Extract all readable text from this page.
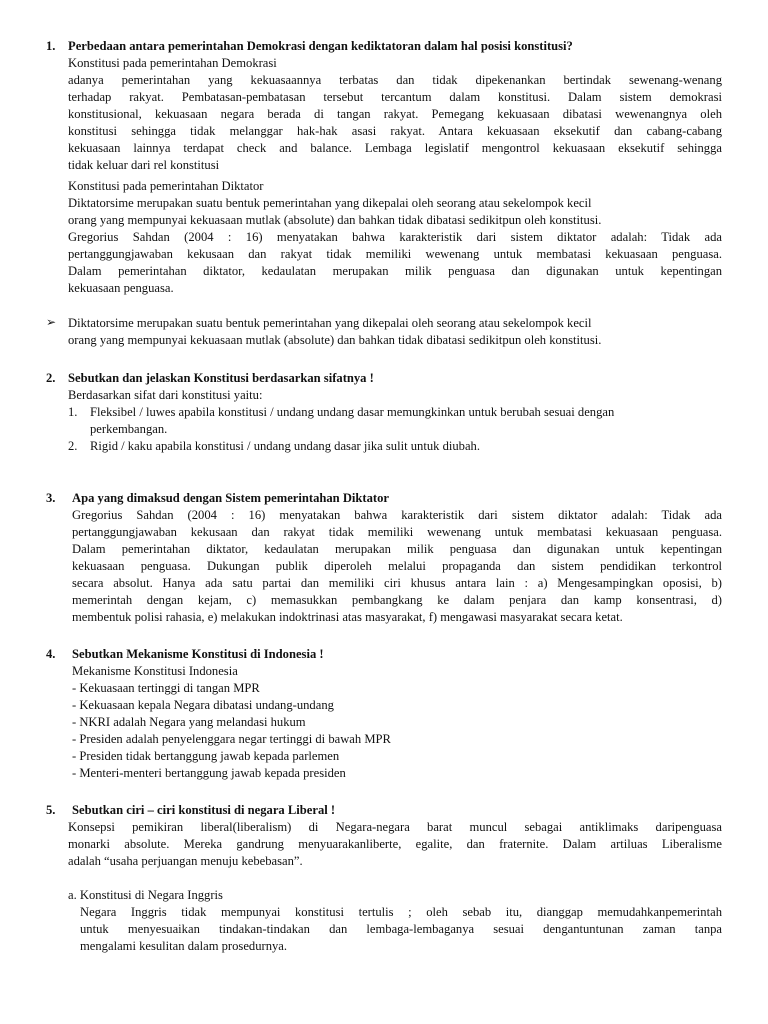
1. Perbedaan antara pemerintahan Demokrasi dengan kediktatoran dalam hal posisi konstitusi?
Konstitusi pada pemerintahan Demokrasi
adanya pemerintahan yang kekuasaannya terbatas dan tidak dipekenankan bertindak sewenang-wenang
terhadap rakyat. Pembatasan-pembatasan tersebut tercantum dalam konstitusi. Dalam sistem demokrasi
konstitusional, kekuasaan negara berada di tangan rakyat. Pemegang kekuasaan dibatasi wewenangnya oleh
konstitusi sehingga tidak melanggar hak-hak asasi rakyat. Antara kekuasaan eksekutif dan cabang-cabang
kekuasaan lainnya terdapat check and balance. Lembaga legislatif mengontrol kekuasaan eksekutif sehingga
tidak keluar dari rel konstitusi
Konstitusi pada pemerintahan Diktator
Diktatorsime merupakan suatu bentuk pemerintahan yang dikepalai oleh seorang atau sekelompok kecil
orang yang mempunyai kekuasaan mutlak (absolute) dan bahkan tidak dibatasi sedikitpun oleh konstitusi.
Gregorius Sahdan (2004 : 16) menyatakan bahwa karakteristik dari sistem diktator adalah: Tidak ada
pertanggungjawaban kekusaan dan rakyat tidak memiliki wewenang untuk membatasi kekuasaan penguasa.
Dalam pemerintahan diktator, kedaulatan merupakan milik penguasa dan digunakan untuk kepentingan
kekuasaan penguasa.
➢ Diktatorsime merupakan suatu bentuk pemerintahan yang dikepalai oleh seorang atau sekelompok kecil
orang yang mempunyai kekuasaan mutlak (absolute) dan bahkan tidak dibatasi sedikitpun oleh konstitusi.
2. Sebutkan dan jelaskan Konstitusi berdasarkan sifatnya !
Berdasarkan sifat dari konstitusi yaitu:
1. Fleksibel / luwes apabila konstitusi / undang undang dasar memungkinkan untuk berubah sesuai dengan
perkembangan.
2. Rigid / kaku apabila konstitusi / undang undang dasar jika sulit untuk diubah.
3. Apa yang dimaksud dengan Sistem pemerintahan Diktator
Gregorius Sahdan (2004 : 16) menyatakan bahwa karakteristik dari sistem diktator adalah: Tidak ada
pertanggungjawaban kekusaan dan rakyat tidak memiliki wewenang untuk membatasi kekuasaan penguasa.
Dalam pemerintahan diktator, kedaulatan merupakan milik penguasa dan digunakan untuk kepentingan
kekuasaan penguasa. Dukungan publik diperoleh melalui propaganda dan sistem pendidikan terkontrol
secara absolut. Hanya ada satu partai dan memiliki ciri khusus antara lain : a) Mengesampingkan oposisi, b)
memerintah dengan kejam, c) memasukkan pembangkang ke dalam penjara dan kamp konsentrasi, d)
membentuk polisi rahasia, e) melakukan indoktrinasi atas masyarakat, f) mengawasi masyarakat secara ketat.
4. Sebutkan Mekanisme Konstitusi di Indonesia !
Mekanisme Konstitusi Indonesia
- Kekuasaan tertinggi di tangan MPR
- Kekuasaan kepala Negara dibatasi undang-undang
- NKRI adalah Negara yang melandasi hukum
- Presiden adalah penyelenggara negar tertinggi di bawah MPR
- Presiden tidak bertanggung jawab kepada parlemen
- Menteri-menteri bertanggung jawab kepada presiden
5. Sebutkan ciri – ciri konstitusi di negara Liberal !
Konsepsi pemikiran liberal(liberalism) di Negara-negara barat muncul sebagai antiklimaks daripenguasa
monarki absolute. Mereka gandrung menyuarakanliberte, egalite, dan fraternite. Dalam artiluas Liberalisme
adalah “usaha perjuangan menuju kebebasan”.
a. Konstitusi di Negara Inggris
Negara Inggris tidak mempunyai konstitusi tertulis ; oleh sebab itu, dianggap memudahkanpemerintah
untuk menyesuaikan tindakan-tindakan dan lembaga-lembaganya sesuai dengantuntunan zaman tanpa
mengalami kesulitan dalam prosedurnya.
